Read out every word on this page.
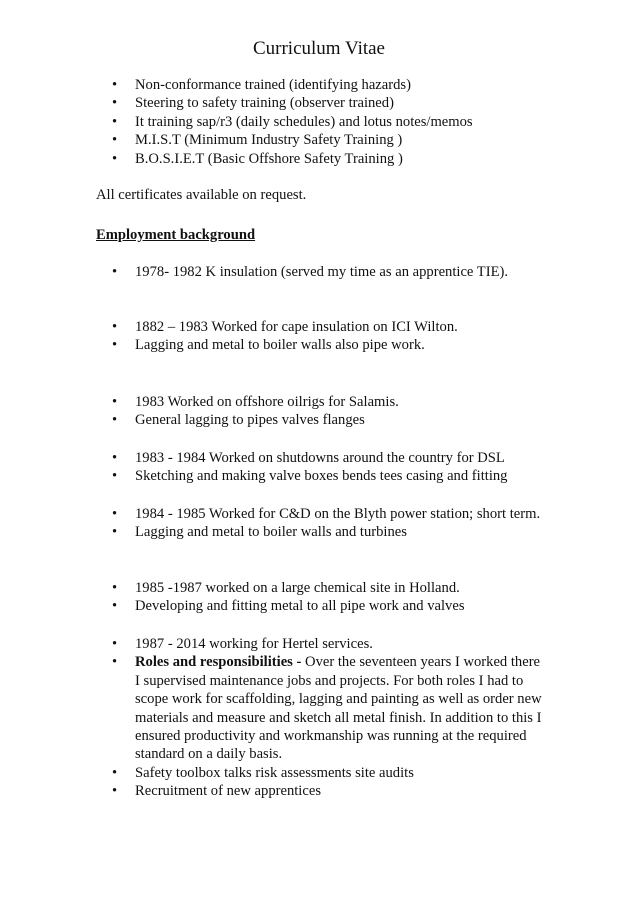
Curriculum Vitae
• Non-conformance trained (identifying hazards)
• Steering to safety training (observer trained)
• It training sap/r3 (daily schedules) and lotus notes/memos
• M.I.S.T (Minimum Industry Safety Training )
• B.O.S.I.E.T (Basic Offshore Safety Training )
All certificates available on request.
Employment background
• 1978- 1982 K insulation (served my time as an apprentice TIE).
• 1882 – 1983 Worked for cape insulation on ICI Wilton.
• Lagging and metal to boiler walls also pipe work.
• 1983 Worked on offshore oilrigs for Salamis.
• General lagging to pipes valves flanges
• 1983 - 1984 Worked on shutdowns around the country for DSL
• Sketching and making valve boxes bends tees casing and fitting
• 1984 - 1985 Worked for C&D on the Blyth power station; short term.
• Lagging and metal to boiler walls and turbines
• 1985 -1987 worked on a large chemical site in Holland.
• Developing and fitting metal to all pipe work and valves
• 1987 - 2014 working for Hertel services.
• Roles and responsibilities - Over the seventeen years I worked there I supervised maintenance jobs and projects. For both roles I had to scope work for scaffolding, lagging and painting as well as order new materials and measure and sketch all metal finish. In addition to this I ensured productivity and workmanship was running at the required standard on a daily basis.
• Safety toolbox talks risk assessments site audits
• Recruitment of new apprentices
